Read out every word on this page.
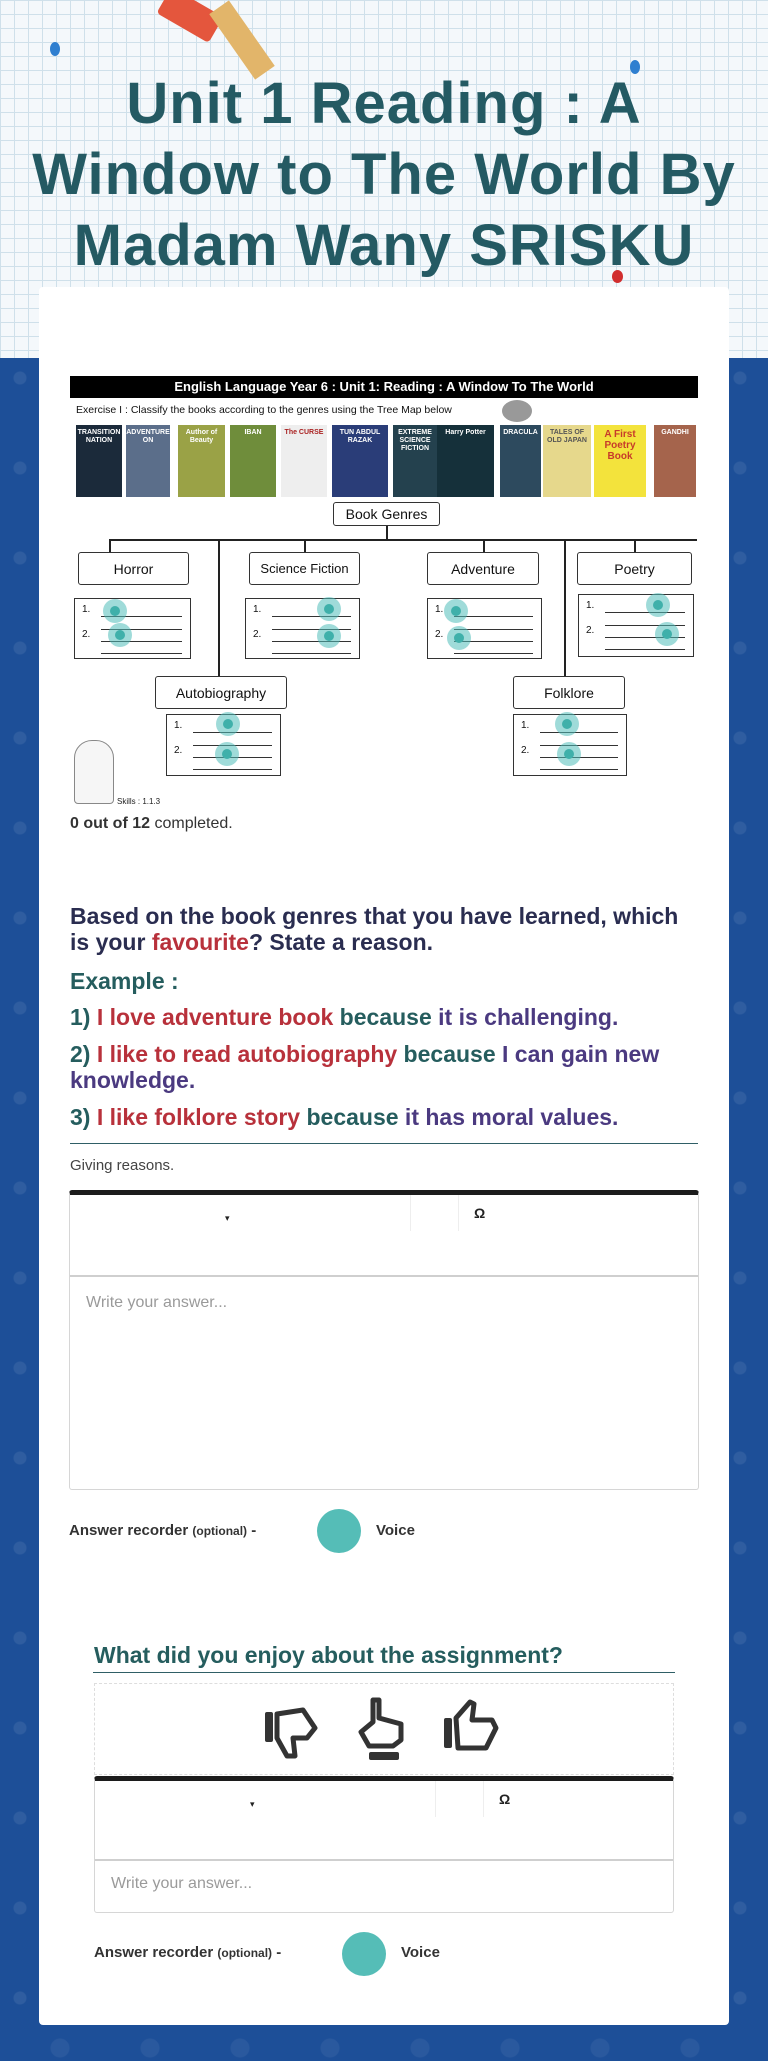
Unit 1 Reading : A
Window to The World By
Madam Wany SRISKU
English Language Year 6 : Unit 1: Reading : A Window To The World
Exercise I : Classify the books according to the genres using the Tree Map below
TRANSITION NATION
ADVENTURE ON
Author of Beauty
IBAN	The CURSE	TUN ABDUL RAZAK
EXTREME SCIENCE FICTION
Harry Potter	DRACULA	TALES OF OLD JAPAN
A First Poetry Book
GANDHI
Book Genres
Horror	Science Fiction	Adventure	Poetry
Autobiography	Folklore
1.
2.
1.
2.
1.
2.
1.
2.
1.
2.
1.
2.
Skills : 1.1.3
0 out of 12 completed.
Based on the book genres that you have learned, which is your favourite? State a reason.
Example :
1) I love adventure book because it is challenging.
2) I like to read autobiography because I can gain new knowledge.
3) I like folklore story because it has moral values.
Giving reasons.
▾	Ω
Write your answer...
Answer recorder (optional) -	Voice
What did you enjoy about the assignment?
▾	Ω
Write your answer...
Answer recorder (optional) -	Voice
